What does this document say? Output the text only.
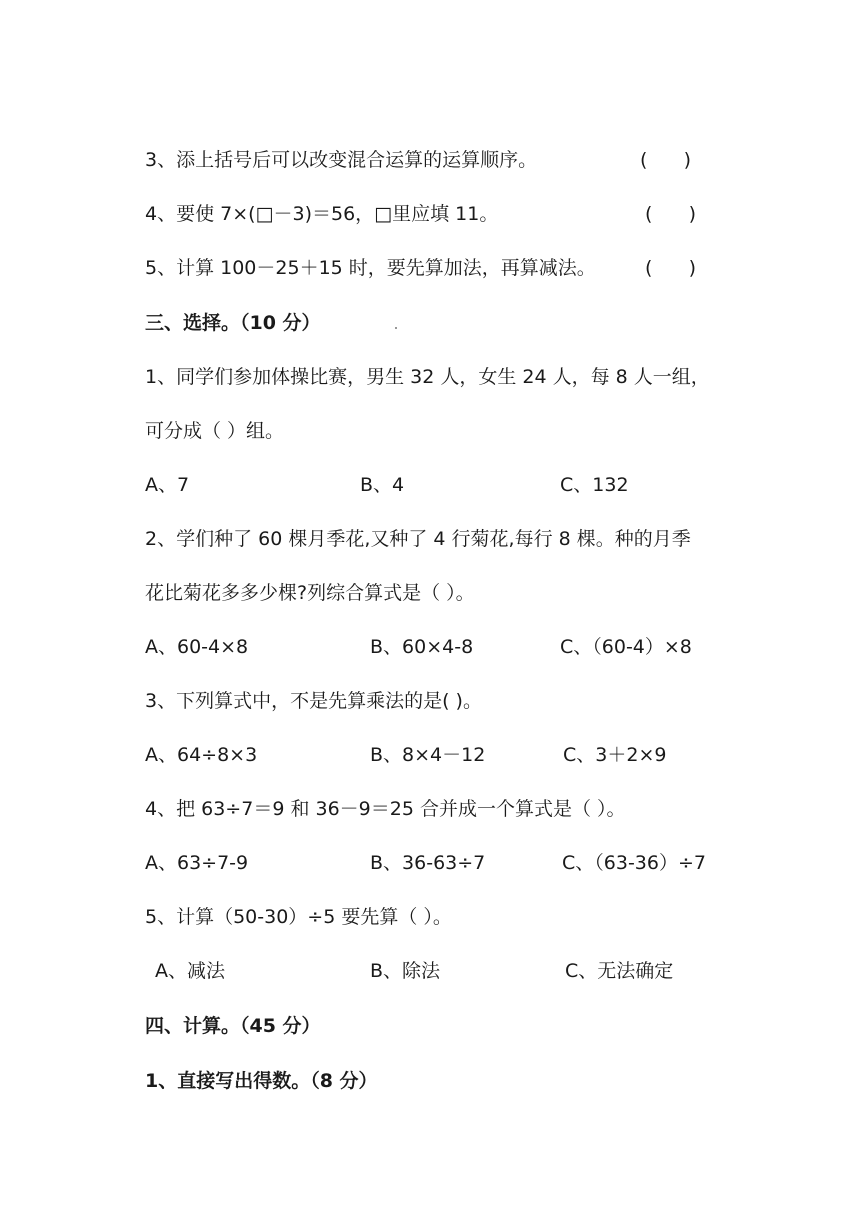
3、添上括号后可以改变混合运算的运算顺序。	(      )
4、要使 7×(□－3)＝56，□里应填 11。	(      )
5、计算 100－25＋15 时，要先算加法，再算减法。	(      )
三、选择。（10 分）
1、同学们参加体操比赛，男生 32 人，女生 24 人，每 8 人一组，
可分成（ ）组。
A、7	B、4	C、132
2、学们种了 60 棵月季花,又种了 4 行菊花,每行 8 棵。种的月季
花比菊花多多少棵?列综合算式是（ ）。
A、60-4×8	B、60×4-8	C、（60-4）×8
3、下列算式中，不是先算乘法的是( )。
A、64÷8×3	B、8×4－12	C、3＋2×9
4、把 63÷7＝9 和 36－9＝25 合并成一个算式是（ ）。
A、63÷7-9	B、36-63÷7	C、（63-36）÷7
5、计算（50-30）÷5 要先算（ ）。
A、减法	B、除法	C、无法确定
四、计算。（45 分）
1、直接写出得数。（8 分）
